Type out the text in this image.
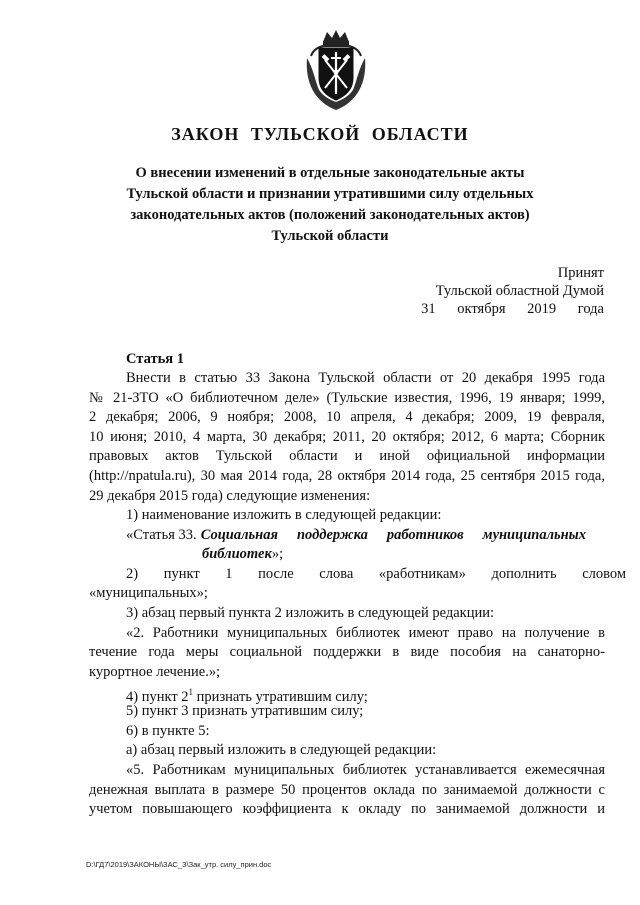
ЗАКОН ТУЛЬСКОЙ ОБЛАСТИ
О внесении изменений в отдельные законодательные акты
Тульской области и признании утратившими силу отдельных
законодательных актов (положений законодательных актов)
Тульской области
Принят
Тульской областной Думой
31 октября 2019 года
Статья 1
Внести в статью 33 Закона Тульской области от 20 декабря 1995 года
№ 21-ЗТО «О библиотечном деле» (Тульские известия, 1996, 19 января; 1999,
2 декабря; 2006, 9 ноября; 2008, 10 апреля, 4 декабря; 2009, 19 февраля,
10 июня; 2010, 4 марта, 30 декабря; 2011, 20 октября; 2012, 6 марта; Сборник
правовых актов Тульской области и иной официальной информации
(http://npatula.ru), 30 мая 2014 года, 28 октября 2014 года, 25 сентября 2015 года,
29 декабря 2015 года) следующие изменения:
1) наименование изложить в следующей редакции:
«Статья 33. Социальная поддержка работников муниципальных
библиотек»;
2) пункт 1 после слова «работникам» дополнить словом
«муниципальных»;
3) абзац первый пункта 2 изложить в следующей редакции:
«2. Работники муниципальных библиотек имеют право на получение в
течение года меры социальной поддержки в виде пособия на санаторно-
курортное лечение.»;
4) пункт $2^1$ признать утратившим силу;
5) пункт 3 признать утратившим силу;
6) в пункте 5:
а) абзац первый изложить в следующей редакции:
«5. Работникам муниципальных библиотек устанавливается ежемесячная
денежная выплата в размере 50 процентов оклада по занимаемой должности с
учетом повышающего коэффициента к окладу по занимаемой должности и
D:\ГД7\2019\ЗАКОНЫ\ЗАС_З\Зак_утр. силу_прин.doc
